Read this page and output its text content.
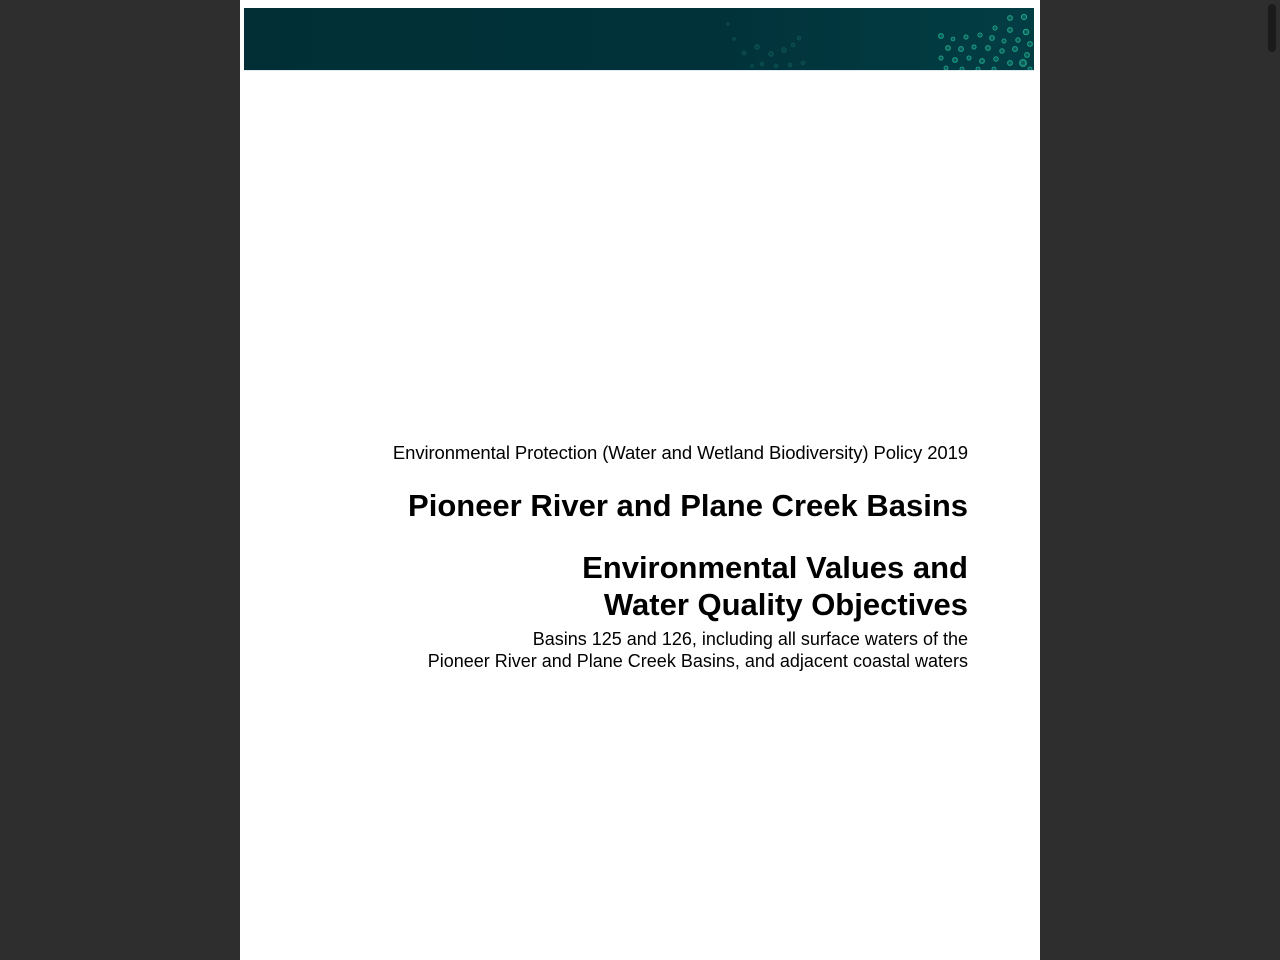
Environmental Protection (Water and Wetland Biodiversity) Policy 2019

Pioneer River and Plane Creek Basins
Environmental Values and
Water Quality Objectives

Basins 125 and 126, including all surface waters of the
Pioneer River and Plane Creek Basins, and adjacent coastal waters
